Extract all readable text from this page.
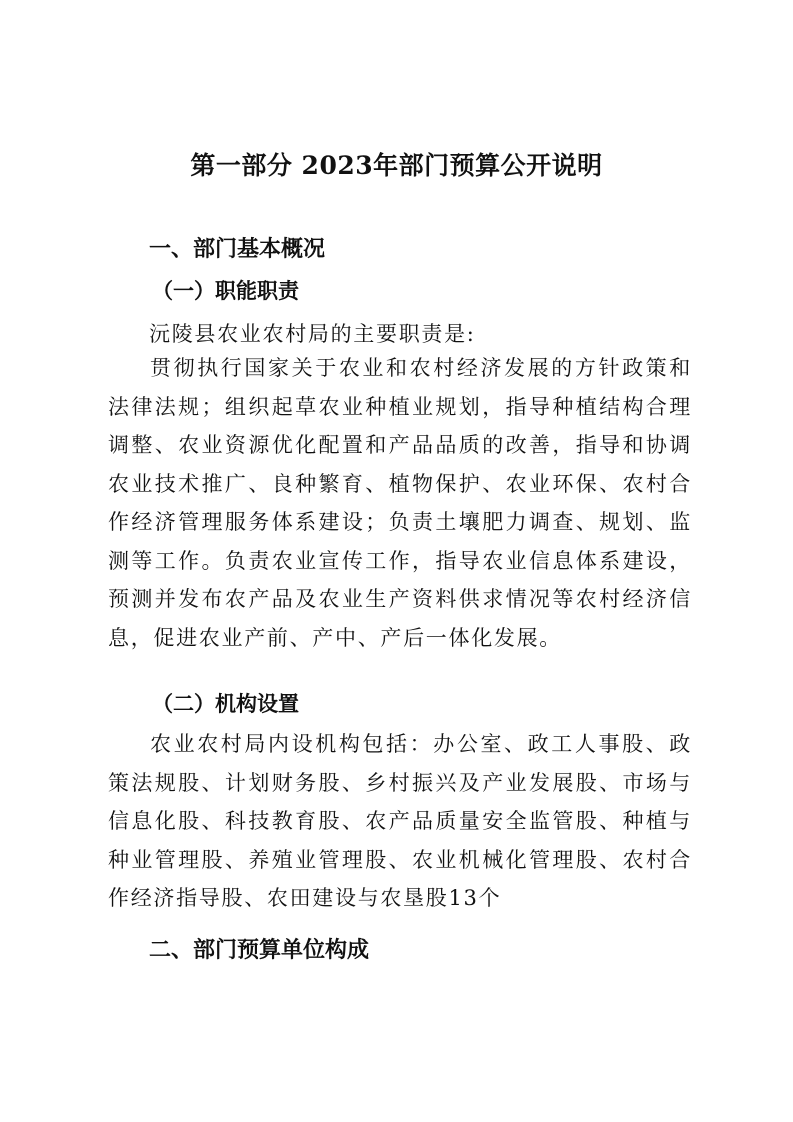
第一部分 2023年部门预算公开说明
一、部门基本概况
（一）职能职责
沅陵县农业农村局的主要职责是:

贯彻执行国家关于农业和农村经济发展的方针政策和法律法规；组织起草农业种植业规划，指导种植结构合理调整、农业资源优化配置和产品品质的改善，指导和协调农业技术推广、良种繁育、植物保护、农业环保、农村合作经济管理服务体系建设；负责土壤肥力调查、规划、监测等工作。负责农业宣传工作，指导农业信息体系建设，预测并发布农产品及农业生产资料供求情况等农村经济信息，促进农业产前、产中、产后一体化发展。

（二）机构设置

农业农村局内设机构包括：办公室、政工人事股、政策法规股、计划财务股、乡村振兴及产业发展股、市场与信息化股、科技教育股、农产品质量安全监管股、种植与种业管理股、养殖业管理股、农业机械化管理股、农村合作经济指导股、农田建设与农垦股13个

二、部门预算单位构成
